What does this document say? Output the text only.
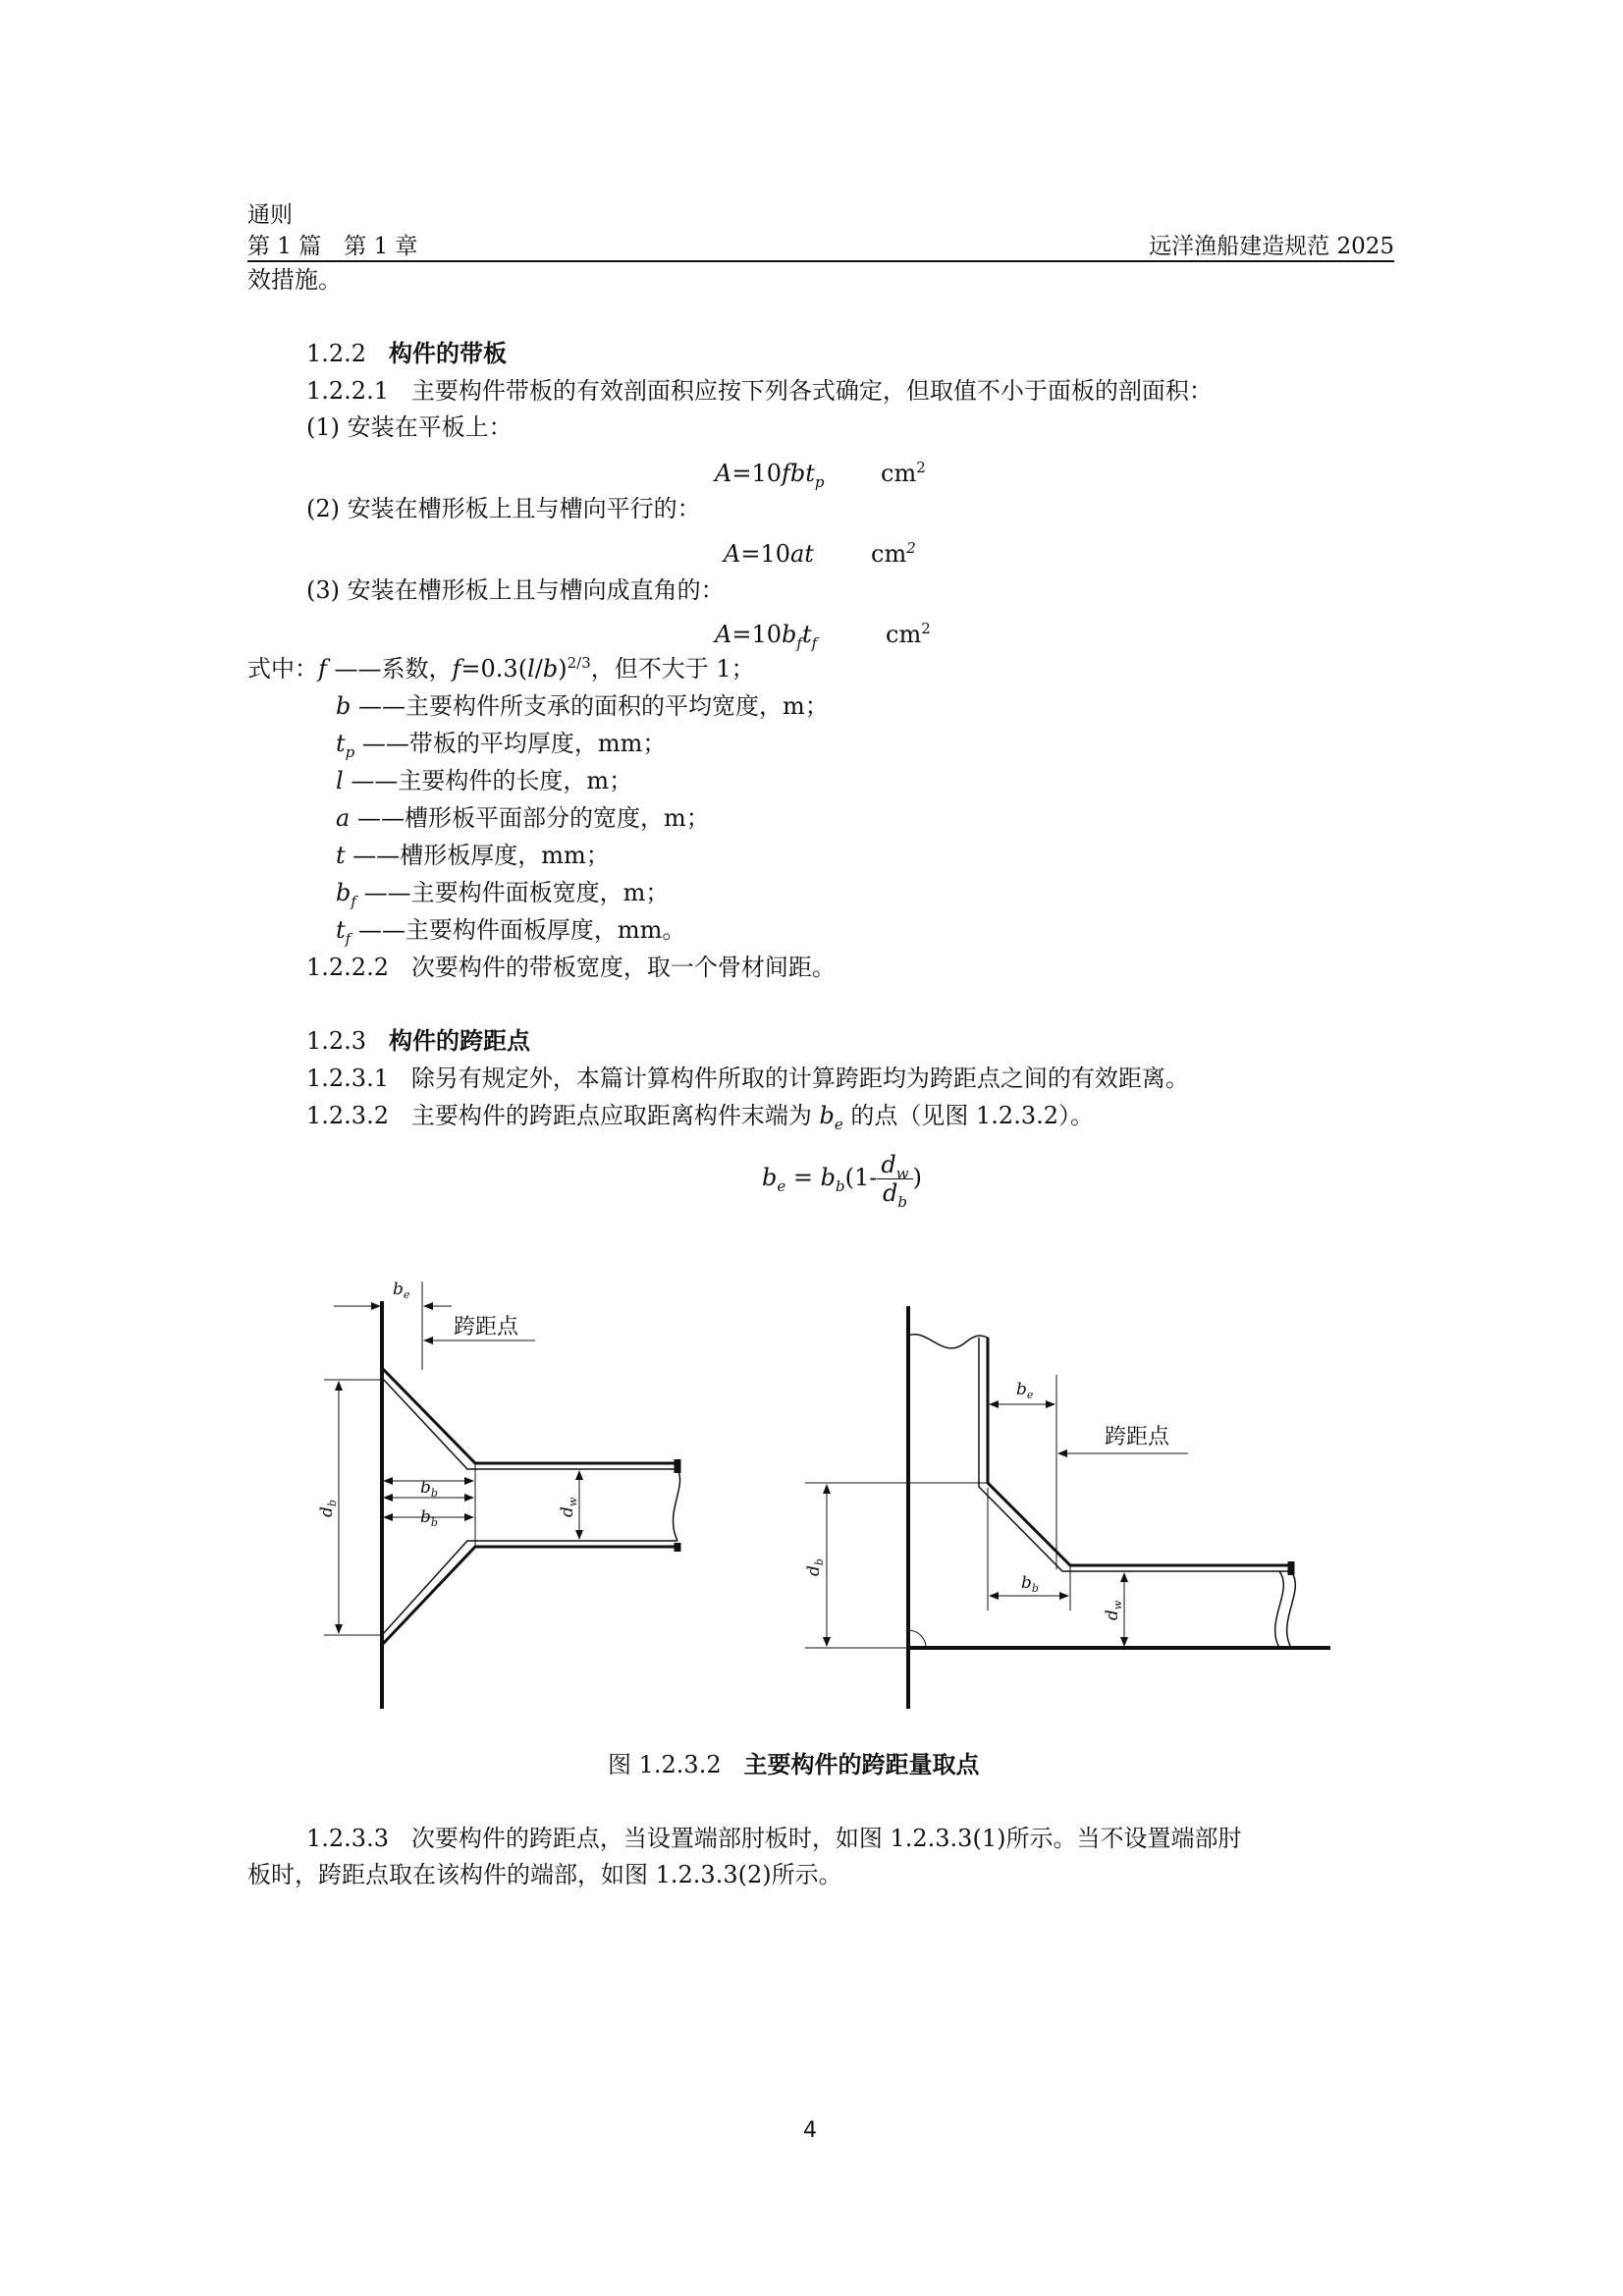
通则
第 1 篇　第 1 章	远洋渔船建造规范 2025
效措施。
1.2.2 构件的带板
1.2.2.1 主要构件带板的有效剖面积应按下列各式确定，但取值不小于面板的剖面积：
(1) 安装在平板上：
A=10fbt$_p$ $cm^2$
(2) 安装在槽形板上且与槽向平行的：
A=10at $cm^2$
(3) 安装在槽形板上且与槽向成直角的：
$A=10b_ft_f$	$cm^2$
式中：f ——系数，$f=0.3(l/b)^{2/3}$，但不大于 1；
b ——主要构件所支承的面积的平均宽度，m；
$t_p$ ——带板的平均厚度，mm；
l ——主要构件的长度，m；
a ——槽形板平面部分的宽度，m；
t ——槽形板厚度，mm；
$b_f$ ——主要构件面板宽度，m；
$t_f$ ——主要构件面板厚度，mm。
1.2.2.2 次要构件的带板宽度，取一个骨材间距。
1.2.3 构件的跨距点
1.2.3.1 除另有规定外，本篇计算构件所取的计算跨距均为跨距点之间的有效距离。
1.2.3.2 主要构件的跨距点应取距离构件末端为 $b_e$ 的点（见图 1.2.3.2）。
$b_e = b_b(1- \frac{d_w}{d_b}$ )
$b_e$
$b_b$
$b_b$
$d_b$
$d_w$
$b_e$
$b_b$
$d_b$
$d_w$
跨距点
跨距点
图 1.2.3.2 主要构件的跨距量取点
1.2.3.3 次要构件的跨距点，当设置端部肘板时，如图 1.2.3.3(1)所示。当不设置端部肘
板时，跨距点取在该构件的端部，如图 1.2.3.3(2)所示。
4
